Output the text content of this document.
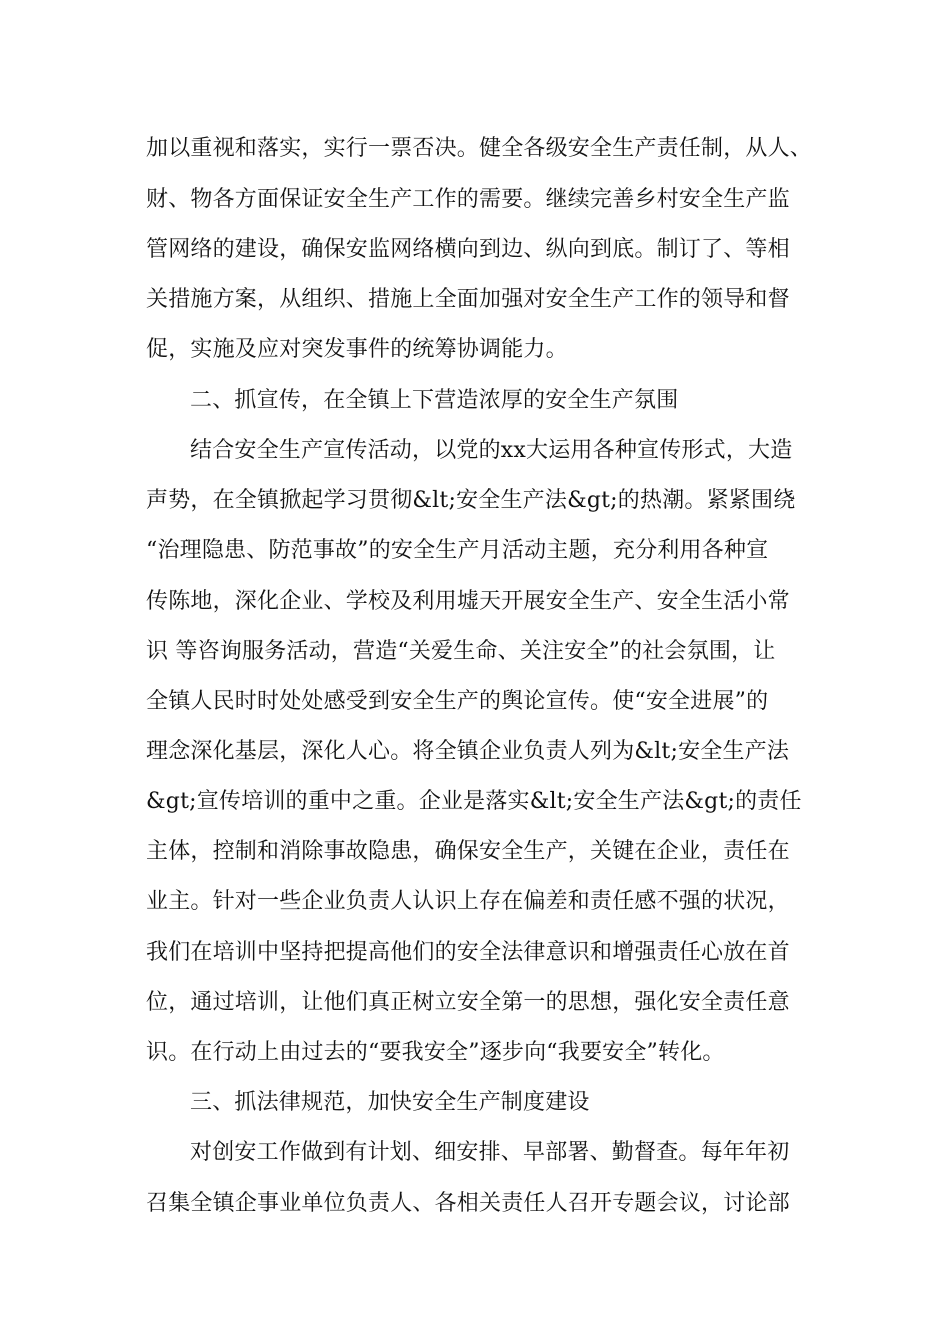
加以重视和落实，实行一票否决。健全各级安全生产责任制，从人、
财、物各方面保证安全生产工作的需要。继续完善乡村安全生产监
管网络的建设，确保安监网络横向到边、纵向到底。制订了、等相
关措施方案，从组织、措施上全面加强对安全生产工作的领导和督
促，实施及应对突发事件的统筹协调能力。
二、抓宣传，在全镇上下营造浓厚的安全生产氛围
结合安全生产宣传活动，以党的xx大运用各种宣传形式，大造
声势，在全镇掀起学习贯彻&lt;安全生产法&gt;的热潮。紧紧围绕
“治理隐患、防范事故”的安全生产月活动主题，充分利用各种宣
传陈地，深化企业、学校及利用墟天开展安全生产、安全生活小常
识 等咨询服务活动，营造“关爱生命、关注安全”的社会氛围，让
全镇人民时时处处感受到安全生产的舆论宣传。使“安全进展”的
理念深化基层，深化人心。将全镇企业负责人列为&lt;安全生产法
&gt;宣传培训的重中之重。企业是落实&lt;安全生产法&gt;的责任
主体，控制和消除事故隐患，确保安全生产，关键在企业，责任在
业主。针对一些企业负责人认识上存在偏差和责任感不强的状况，
我们在培训中坚持把提高他们的安全法律意识和增强责任心放在首
位，通过培训，让他们真正树立安全第一的思想，强化安全责任意
识。在行动上由过去的“要我安全”逐步向“我要安全”转化。
三、抓法律规范，加快安全生产制度建设
对创安工作做到有计划、细安排、早部署、勤督查。每年年初
召集全镇企事业单位负责人、各相关责任人召开专题会议，讨论部
